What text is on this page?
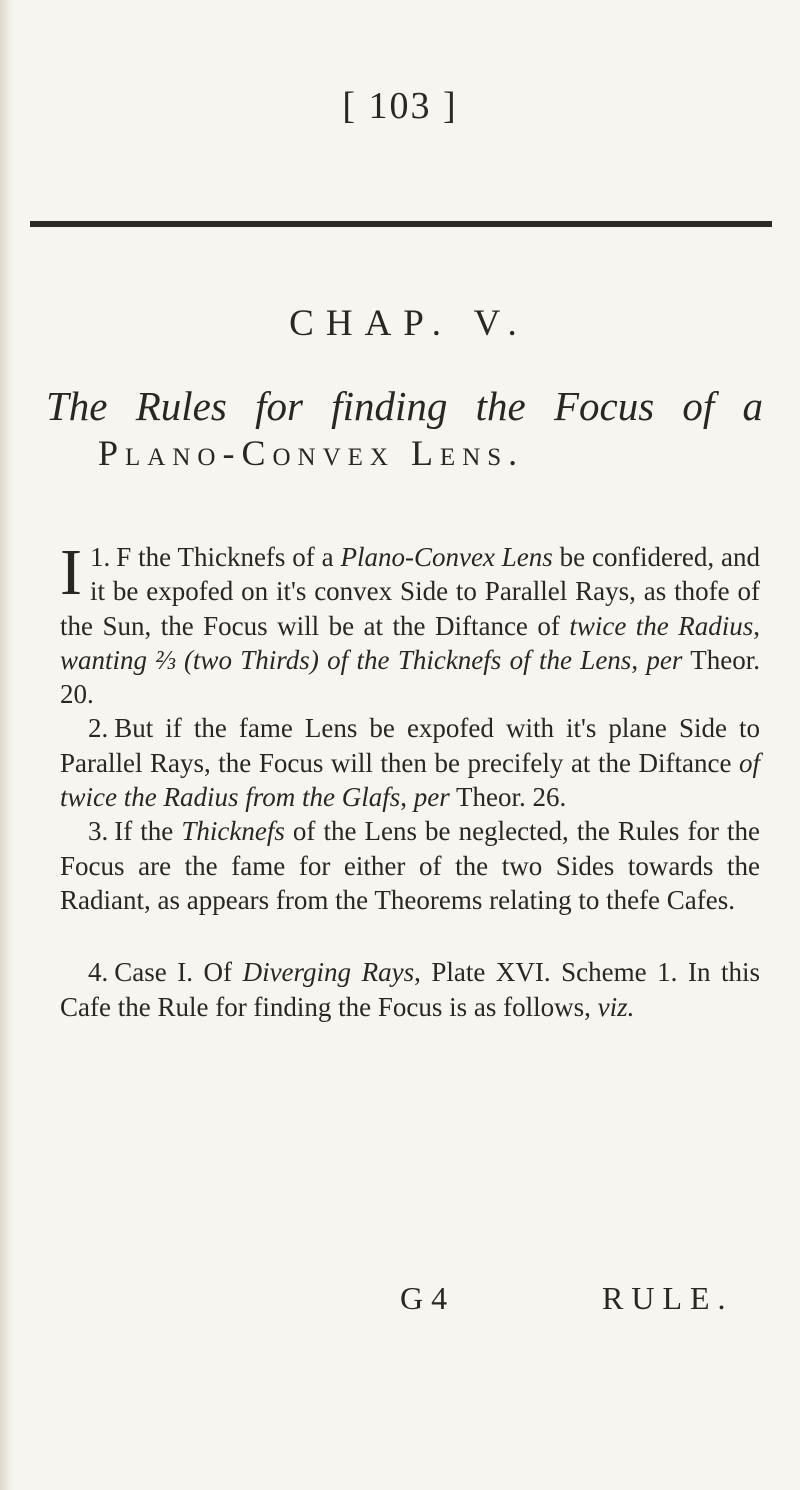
[ 103 ]
CHAP. V.
The Rules for finding the Focus of a
Plano-Convex Lens.

1.
I F the Thicknefs of a Plano-Convex Lens be confidered, and it be expofed on it's convex Side to Parallel Rays, as thofe of the Sun, the Focus will be at the Diftance of twice the Radius, wanting ⅔ (two Thirds) of the Thicknefs of the Lens, per Theor. 20.

2. But if the fame Lens be expofed with it's plane Side to Parallel Rays, the Focus will then be precifely at the Diftance of twice the Radius from the Glafs, per Theor. 26.

3. If the Thicknefs of the Lens be neglected, the Rules for the Focus are the fame for either of the two Sides towards the Radiant, as appears from the Theorems relating to thefe Cafes.

4. Case I. Of Diverging Rays, Plate XVI. Scheme 1. In this Cafe the Rule for finding the Focus is as follows, viz.

G 4	RULE.
